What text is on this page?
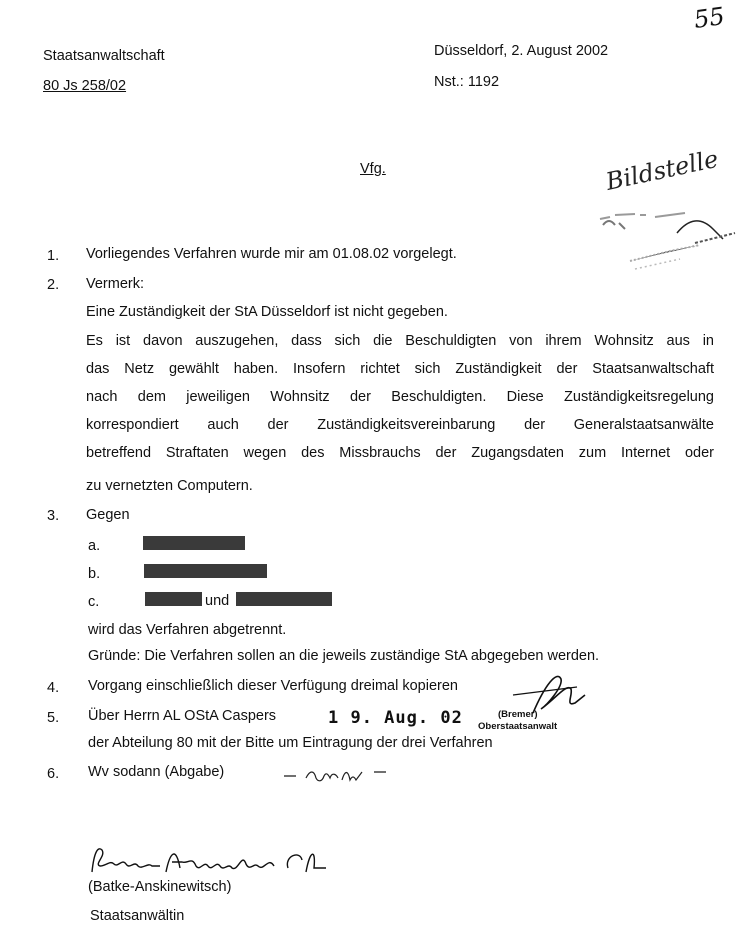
55
Staatsanwaltschaft
80 Js 258/02
Düsseldorf, 2. August 2002
Nst.: 1192
Vfg.	Bildstelle
1. Vorliegendes Verfahren wurde mir am 01.08.02 vorgelegt.
2. Vermerk:
Eine Zuständigkeit der StA Düsseldorf ist nicht gegeben.
Es ist davon auszugehen, dass sich die Beschuldigten von ihrem Wohnsitz aus in
das Netz gewählt haben. Insofern richtet sich Zuständigkeit der Staatsanwaltschaft
nach dem jeweiligen Wohnsitz der Beschuldigten. Diese Zuständigkeitsregelung
korrespondiert auch der Zuständigkeitsvereinbarung der Generalstaatsanwälte
betreffend Straftaten wegen des Missbrauchs der Zugangsdaten zum Internet oder
zu vernetzten Computern.
3. Gegen
a.
b.
c.	und
wird das Verfahren abgetrennt.
Gründe: Die Verfahren sollen an die jeweils zuständige StA abgegeben werden.
4. Vorgang einschließlich dieser Verfügung dreimal kopieren
5. Über Herrn AL OStA Caspers	1 9. Aug. 02
der Abteilung 80 mit der Bitte um Eintragung der drei Verfahren
(Bremer)
Oberstaatsanwalt
6. Wv sodann (Abgabe)
(Batke-Anskinewitsch)
Staatsanwältin
